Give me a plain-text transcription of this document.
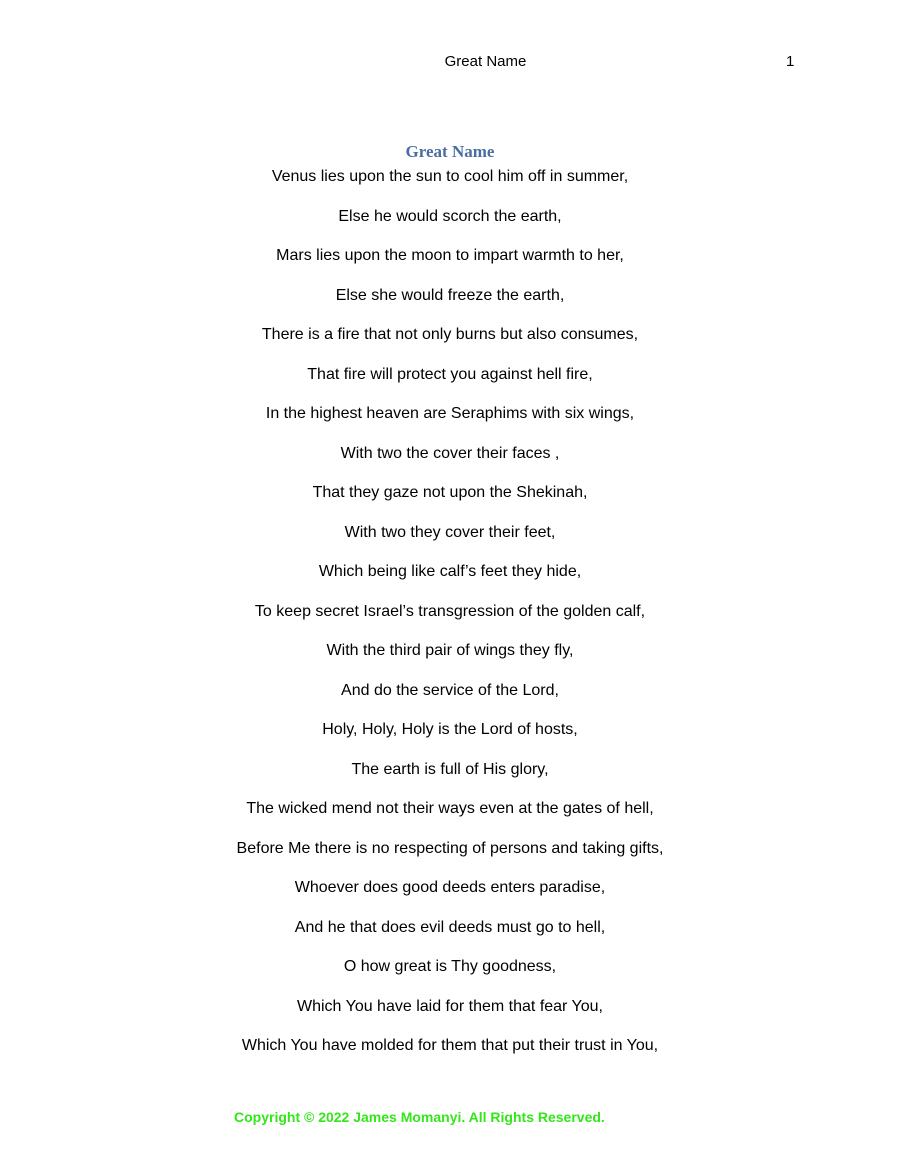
Great Name	1
Great Name
Venus lies upon the sun to cool him off in summer,
Else he would scorch the earth,
Mars lies upon the moon to impart warmth to her,
Else she would freeze the earth,
There is a fire that not only burns but also consumes,
That fire will protect you against hell fire,
In the highest heaven are Seraphims with six wings,
With two the cover their faces ,
That they gaze not upon the Shekinah,
With two they cover their feet,
Which being like calf’s feet they hide,
To keep secret Israel’s transgression of the golden calf,
With the third pair of wings they fly,
And do the service of the Lord,
Holy, Holy, Holy is the Lord of hosts,
The earth is full of His glory,
The wicked mend not their ways even at the gates of hell,
Before Me there is no respecting of persons and taking gifts,
Whoever does good deeds enters paradise,
And he that does evil deeds must go to hell,
O how great is Thy goodness,
Which You have laid for them that fear You,
Which You have molded for them that put their trust in You,
Copyright © 2022 James Momanyi. All Rights Reserved.
